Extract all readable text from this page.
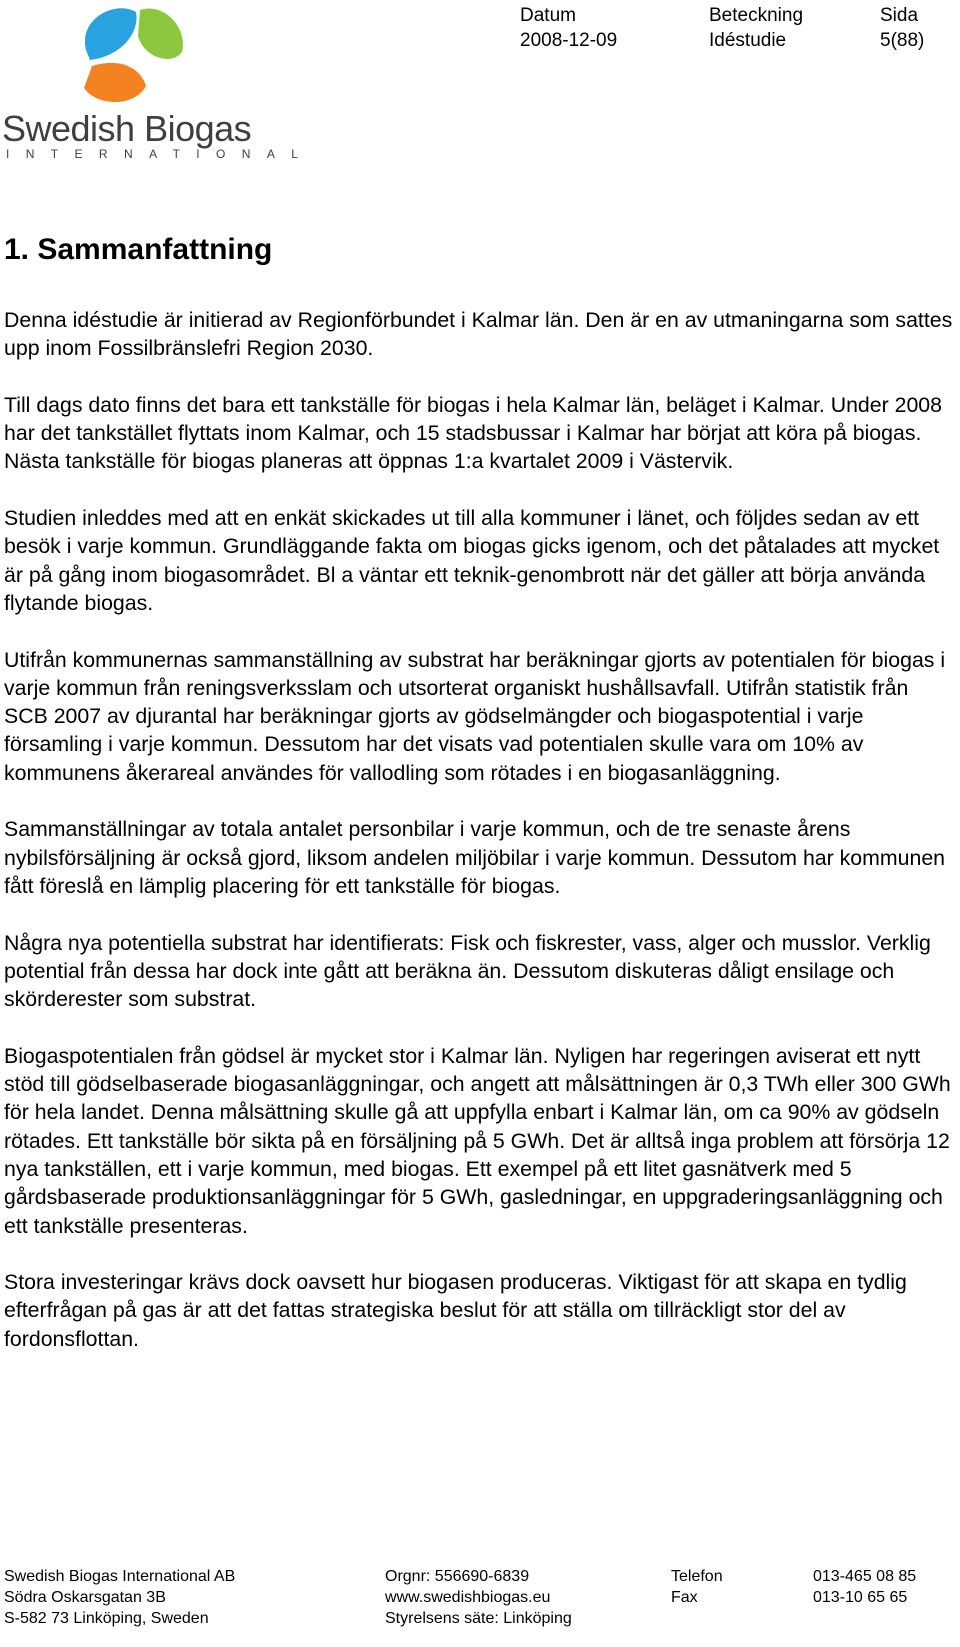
Swedish Biogas
INTERNATIONAL
Datum
2008-12-09
Beteckning
Idéstudie
Sida
5(88)
1. Sammanfattning

Denna idéstudie är initierad av Regionförbundet i Kalmar län. Den är en av utmaningarna som sattes upp inom Fossilbränslefri Region 2030.

Till dags dato finns det bara ett tankställe för biogas i hela Kalmar län, beläget i Kalmar. Under 2008 har det tankstället flyttats inom Kalmar, och 15 stadsbussar i Kalmar har börjat att köra på biogas. Nästa tankställe för biogas planeras att öppnas 1:a kvartalet 2009 i Västervik.

Studien inleddes med att en enkät skickades ut till alla kommuner i länet, och följdes sedan av ett besök i varje kommun. Grundläggande fakta om biogas gicks igenom, och det påtalades att mycket är på gång inom biogasområdet. Bl a väntar ett teknik-genombrott när det gäller att börja använda flytande biogas.

Utifrån kommunernas sammanställning av substrat har beräkningar gjorts av potentialen för biogas i varje kommun från reningsverksslam och utsorterat organiskt hushållsavfall. Utifrån statistik från SCB 2007 av djurantal har beräkningar gjorts av gödselmängder och biogaspotential i varje församling i varje kommun. Dessutom har det visats vad potentialen skulle vara om 10% av kommunens åkerareal användes för vallodling som rötades i en biogasanläggning.

Sammanställningar av totala antalet personbilar i varje kommun, och de tre senaste årens nybilsförsäljning är också gjord, liksom andelen miljöbilar i varje kommun. Dessutom har kommunen fått föreslå en lämplig placering för ett tankställe för biogas.

Några nya potentiella substrat har identifierats: Fisk och fiskrester, vass, alger och musslor. Verklig potential från dessa har dock inte gått att beräkna än. Dessutom diskuteras dåligt ensilage och skörderester som substrat.

Biogaspotentialen från gödsel är mycket stor i Kalmar län. Nyligen har regeringen aviserat ett nytt stöd till gödselbaserade biogasanläggningar, och angett att målsättningen är 0,3 TWh eller 300 GWh för hela landet. Denna målsättning skulle gå att uppfylla enbart i Kalmar län, om ca 90% av gödseln rötades. Ett tankställe bör sikta på en försäljning på 5 GWh. Det är alltså inga problem att försörja 12 nya tankställen, ett i varje kommun, med biogas. Ett exempel på ett litet gasnätverk med 5 gårdsbaserade produktionsanläggningar för 5 GWh, gasledningar, en uppgraderingsanläggning och ett tankställe presenteras.

Stora investeringar krävs dock oavsett hur biogasen produceras. Viktigast för att skapa en tydlig efterfrågan på gas är att det fattas strategiska beslut för att ställa om tillräckligt stor del av fordonsflottan.

Swedish Biogas International AB
Södra Oskarsgatan 3B
S-582 73 Linköping, Sweden
Orgnr: 556690-6839
www.swedishbiogas.eu
Styrelsens säte: Linköping
Telefon
Fax
013-465 08 85
013-10 65 65
